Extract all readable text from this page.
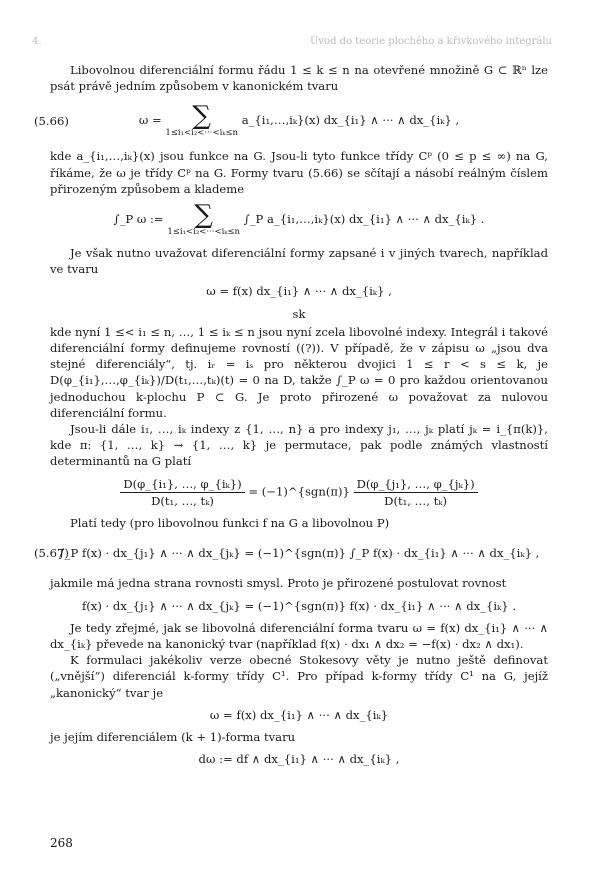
4.	Úvod do teorie plochého a křivkového integrálu

Libovolnou diferenciální formu řádu 1 ≤ k ≤ n na otevřené množině G ⊂ ℝⁿ lze psát právě jedním způsobem v kanonickém tvaru

(5.66)	ω =	∑
1≤i₁<i₂<···<iₖ≤n
a_{i₁,…,iₖ}(x) dx_{i₁} ∧ ··· ∧ dx_{iₖ} ,

kde a_{i₁,…,iₖ}(x) jsou funkce na G. Jsou-li tyto funkce třídy Cᵖ (0 ≤ p ≤ ∞) na G, říkáme, že ω je třídy Cᵖ na G. Formy tvaru (5.66) se sčítají a násobí reálným číslem přirozeným způsobem a klademe

∫_P ω :=	∑
1≤i₁<i₂<···<iₖ≤n
∫_P a_{i₁,…,iₖ}(x) dx_{i₁} ∧ ··· ∧ dx_{iₖ} .

Je však nutno uvažovat diferenciální formy zapsané i v jiných tvarech, například ve tvaru

ω = f(x) dx_{i₁} ∧ ··· ∧ dx_{iₖ} ,
sk

kde nyní 1 ≤< i₁ ≤ n, …, 1 ≤ iₖ ≤ n jsou nyní zcela libovolné indexy. Integrál i takové diferenciální formy definujeme rovností ((?)). V případě, že v zápisu ω „jsou dva stejné diferenciály“, tj. iᵣ = iₛ pro některou dvojici 1 ≤ r < s ≤ k, je D(φ_{i₁},…,φ_{iₖ})/D(t₁,…,tₖ)(t) = 0 na D, takže ∫_P ω = 0 pro každou orientovanou jednoduchou k-plochu P ⊂ G. Je proto přirozené ω považovat za nulovou diferenciální formu.

Jsou-li dále i₁, …, iₖ indexy z {1, …, n} a pro indexy j₁, …, jₖ platí jₖ = i_{π(k)}, kde π: {1, …, k} → {1, …, k} je permutace, pak podle známých vlastností determinantů na G platí

$\frac{\text{D(φ\_\{i₁\}, …, φ\_\{iₖ\})}}{\text{D(t₁, …, tₖ)}}$ = (−1)^{sgn(π)} $\frac{\text{D(φ\_\{j₁\}, …, φ\_\{jₖ\})}}{\text{D(t₁, …, tₖ)}}$

Platí tedy (pro libovolnou funkci f na G a libovolnou P)

(5.67)
∫_P f(x) · dx_{j₁} ∧ ··· ∧ dx_{jₖ} = (−1)^{sgn(π)} ∫_P f(x) · dx_{i₁} ∧ ··· ∧ dx_{iₖ} ,

jakmile má jedna strana rovnosti smysl. Proto je přirozené postulovat rovnost

f(x) · dx_{j₁} ∧ ··· ∧ dx_{jₖ} = (−1)^{sgn(π)} f(x) · dx_{i₁} ∧ ··· ∧ dx_{iₖ} .

Je tedy zřejmé, jak se libovolná diferenciální forma tvaru ω = f(x) dx_{i₁} ∧ ··· ∧ dx_{iₖ} převede na kanonický tvar (například f(x) · dx₁ ∧ dx₂ = −f(x) · dx₂ ∧ dx₁).

K formulaci jakékoliv verze obecné Stokesovy věty je nutno ještě definovat („vnější“) diferenciál k-formy třídy C¹. Pro případ k-formy třídy C¹ na G, jejíž „kanonický“ tvar je

ω = f(x) dx_{i₁} ∧ ··· ∧ dx_{iₖ}

je jejím diferenciálem (k + 1)-forma tvaru

dω := df ∧ dx_{i₁} ∧ ··· ∧ dx_{iₖ} ,
268
